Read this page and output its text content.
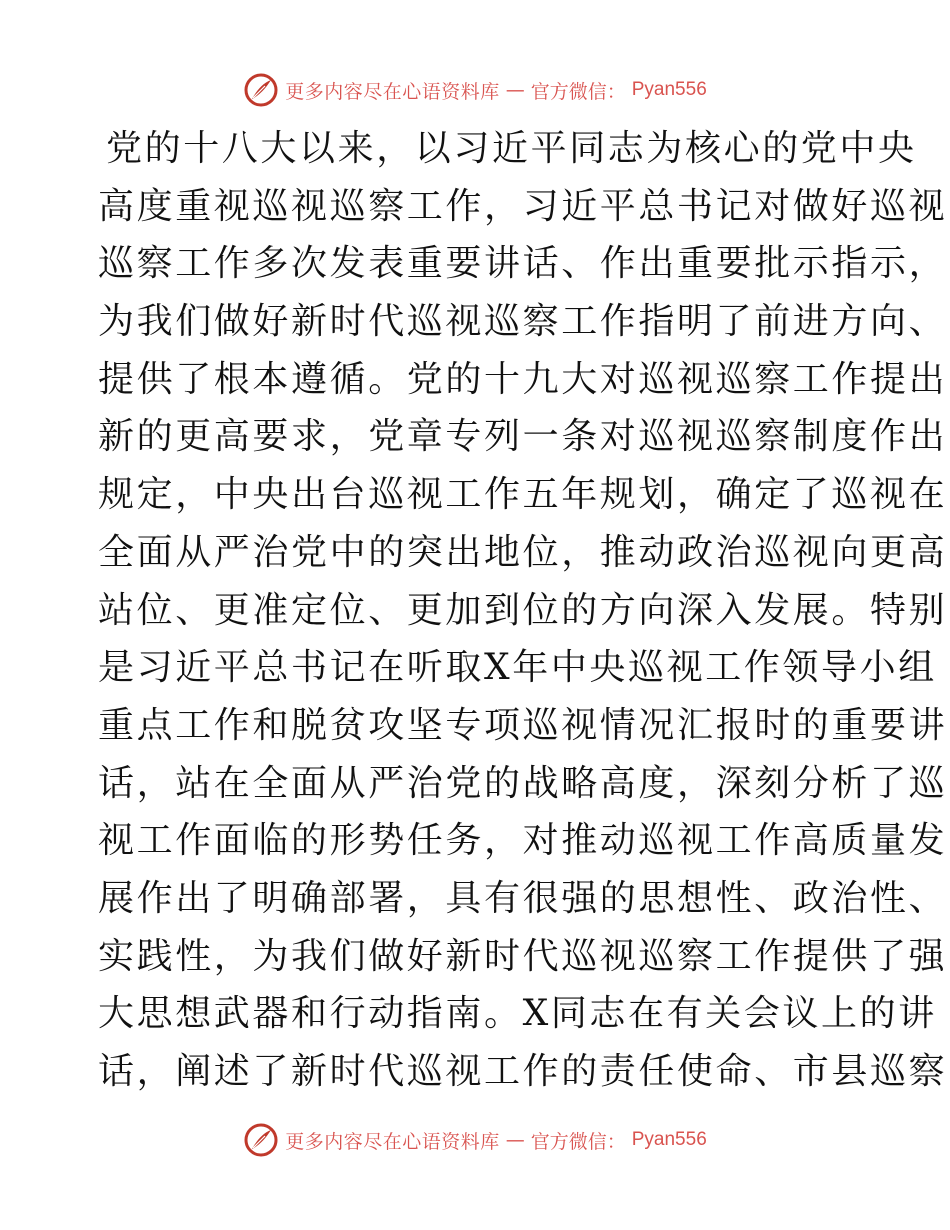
更多内容尽在心语资料库 — 官方微信： Pyan556
党的十八大以来，以习近平同志为核心的党中央
高度重视巡视巡察工作，习近平总书记对做好巡视
巡察工作多次发表重要讲话、作出重要批示指示，
为我们做好新时代巡视巡察工作指明了前进方向、
提供了根本遵循。党的十九大对巡视巡察工作提出
新的更高要求，党章专列一条对巡视巡察制度作出
规定，中央出台巡视工作五年规划，确定了巡视在
全面从严治党中的突出地位，推动政治巡视向更高
站位、更准定位、更加到位的方向深入发展。特别
是习近平总书记在听取X年中央巡视工作领导小组
重点工作和脱贫攻坚专项巡视情况汇报时的重要讲
话，站在全面从严治党的战略高度，深刻分析了巡
视工作面临的形势任务，对推动巡视工作高质量发
展作出了明确部署，具有很强的思想性、政治性、
实践性，为我们做好新时代巡视巡察工作提供了强
大思想武器和行动指南。X同志在有关会议上的讲
话，阐述了新时代巡视工作的责任使命、市县巡察
更多内容尽在心语资料库 — 官方微信： Pyan556
